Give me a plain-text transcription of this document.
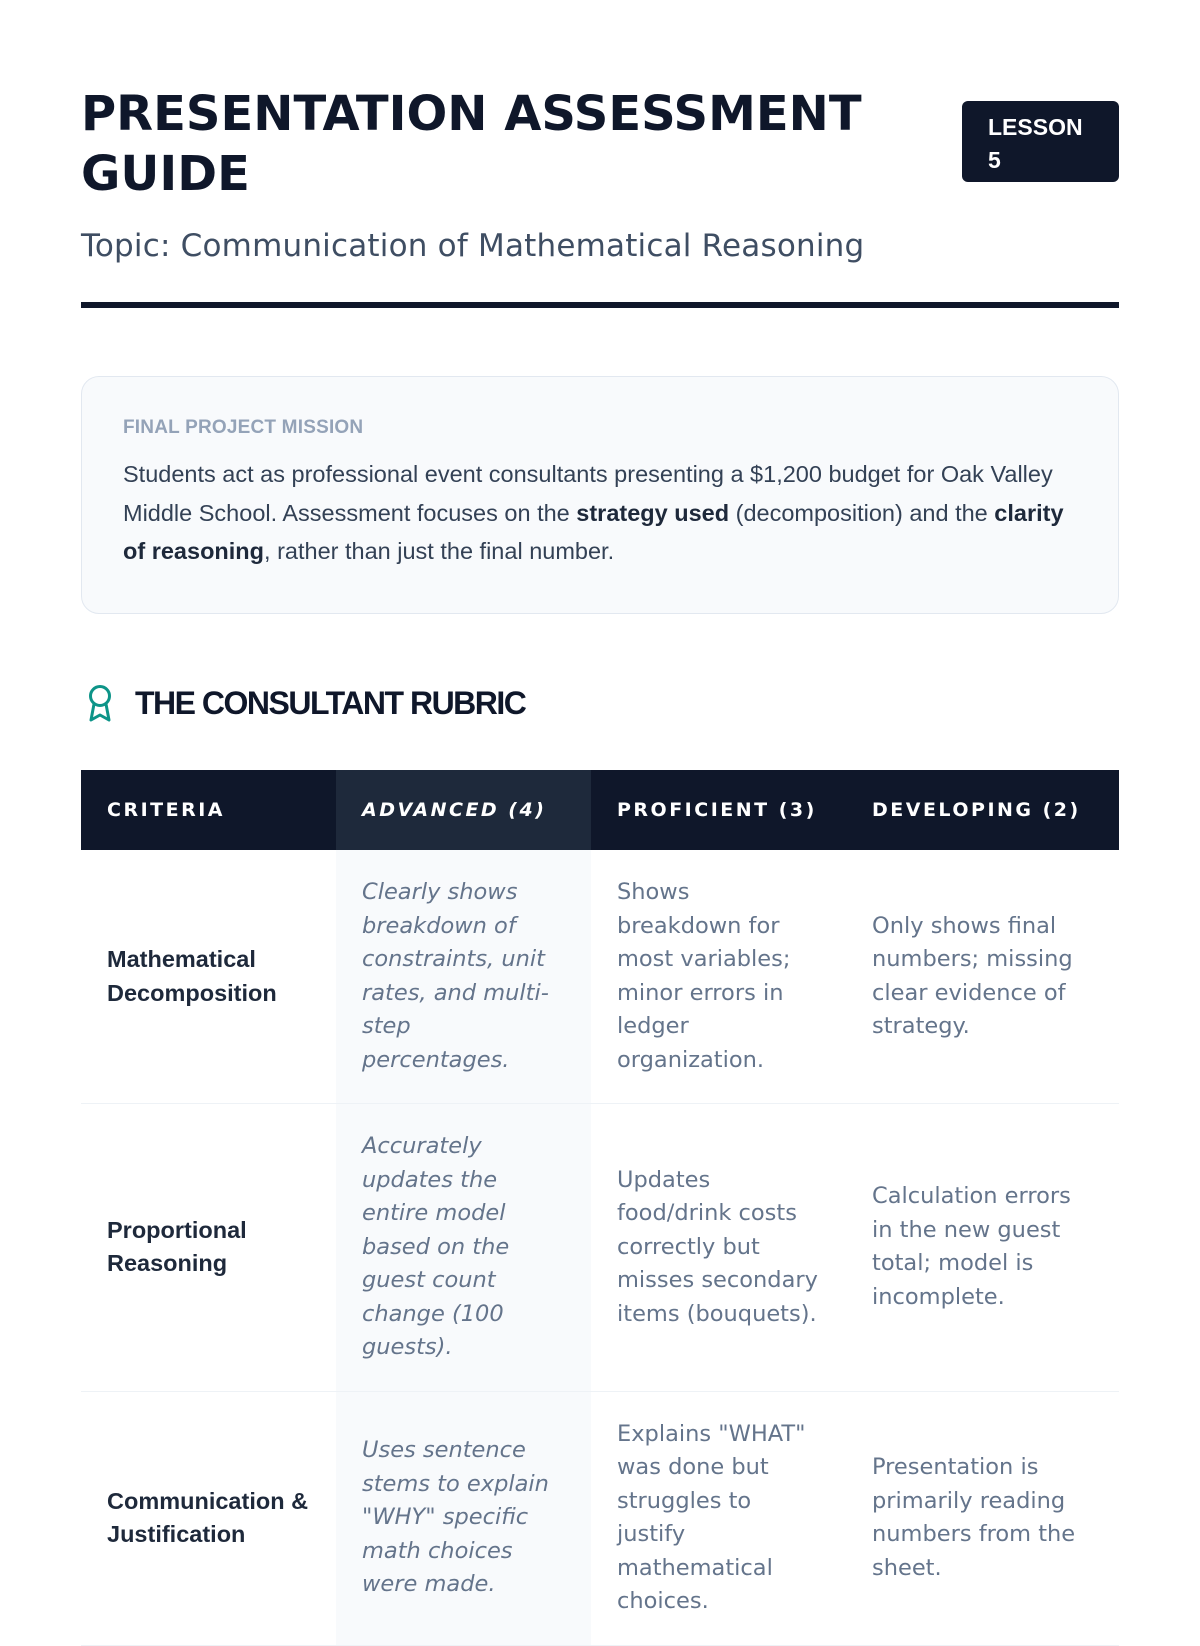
PRESENTATION ASSESSMENT GUIDE
LESSON 5
Topic: Communication of Mathematical Reasoning
FINAL PROJECT MISSION

Students act as professional event consultants presenting a $1,200 budget for Oak Valley Middle School. Assessment focuses on the strategy used (decomposition) and the clarity of reasoning, rather than just the final number.

THE CONSULTANT RUBRIC
CRITERIA	ADVANCED (4)	PROFICIENT (3)	DEVELOPING (2)
Mathematical Decomposition	Clearly shows breakdown of constraints, unit rates, and multi-step percentages.	Shows breakdown for most variables; minor errors in ledger organization.	Only shows final numbers; missing clear evidence of strategy.
Proportional Reasoning	Accurately updates the entire model based on the guest count change (100 guests).	Updates food/drink costs correctly but misses secondary items (bouquets).	Calculation errors in the new guest total; model is incomplete.
Communication & Justification	Uses sentence stems to explain "WHY" specific math choices were made.	Explains "WHAT" was done but struggles to justify mathematical choices.	Presentation is primarily reading numbers from the sheet.
